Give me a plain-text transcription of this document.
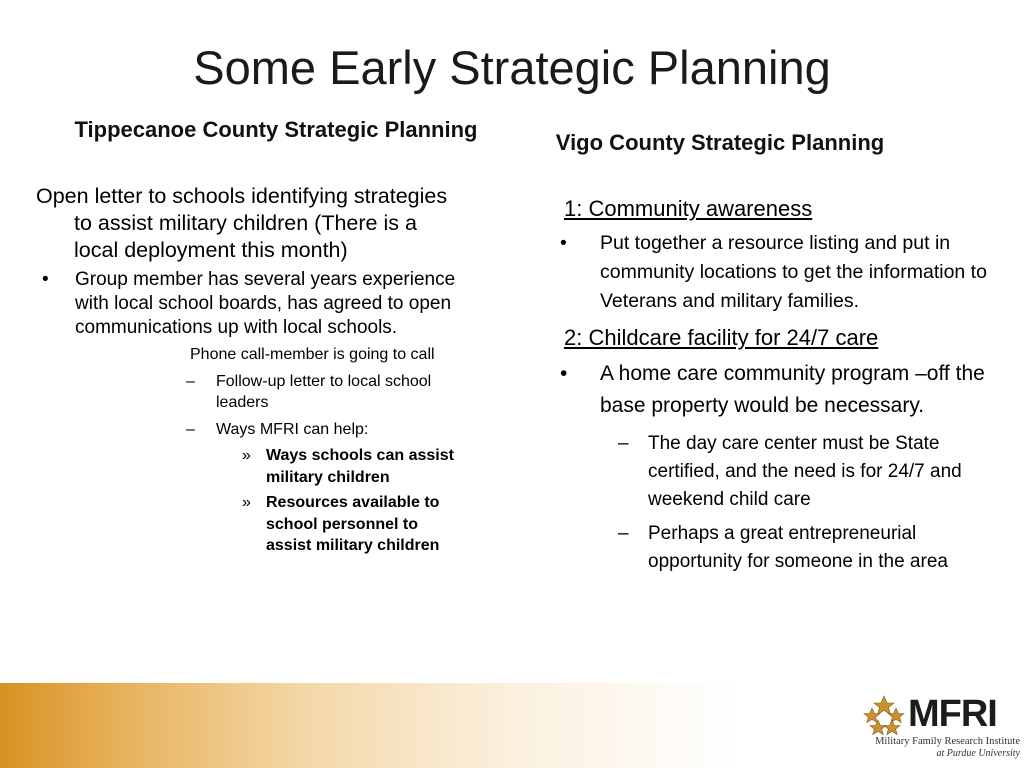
Some Early Strategic Planning
Tippecanoe County Strategic Planning
Vigo County Strategic Planning

Open letter to schools identifying strategies to assist military children (There is a local deployment this month)

• Group member has several years experience with local school boards, has agreed to open communications up with local schools.
Phone call-member is going to call
– Follow-up letter to local school leaders
– Ways MFRI can help:
» Ways schools can assist military children
» Resources available to school personnel to assist military children
1: Community awareness
• Put together a resource listing and put in community locations to get the information to Veterans and military families.
2: Childcare facility for 24/7 care
• A home care community program –off the base property would be necessary.
– The day care center must be State certified, and the need is for 24/7 and weekend child care
– Perhaps a great entrepreneurial opportunity for someone in the area
MFRI
Military Family Research Institute
at Purdue University
